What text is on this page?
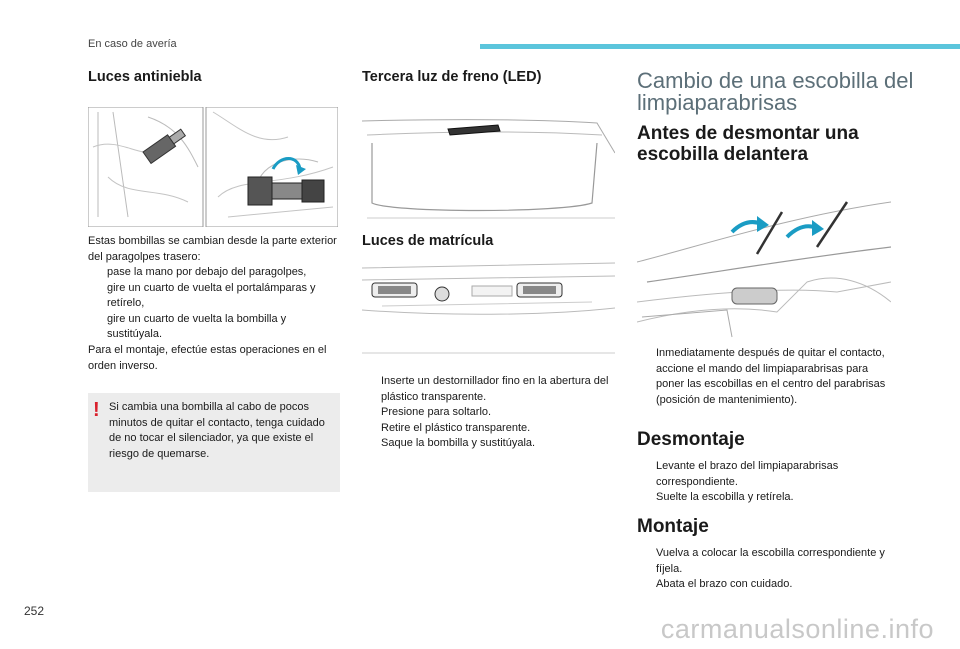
En caso de avería
Luces antiniebla
Estas bombillas se cambian desde la parte exterior del paragolpes trasero:
pase la mano por debajo del paragolpes,
gire un cuarto de vuelta el portalámparas y retírelo,
gire un cuarto de vuelta la bombilla y sustitúyala.
Para el montaje, efectúe estas operaciones en el orden inverso.
! Si cambia una bombilla al cabo de pocos minutos de quitar el contacto, tenga cuidado de no tocar el silenciador, ya que existe el riesgo de quemarse.
Tercera luz de freno (LED)
Luces de matrícula
Inserte un destornillador fino en la abertura del plástico transparente.
Presione para soltarlo.
Retire el plástico transparente.
Saque la bombilla y sustitúyala.
Cambio de una escobilla del limpiaparabrisas
Antes de desmontar una escobilla delantera
Inmediatamente después de quitar el contacto, accione el mando del limpiaparabrisas para poner las escobillas en el centro del parabrisas (posición de mantenimiento).
Desmontaje
Levante el brazo del limpiaparabrisas correspondiente.
Suelte la escobilla y retírela.
Montaje
Vuelva a colocar la escobilla correspondiente y fíjela.
Abata el brazo con cuidado.
252
carmanualsonline.info
